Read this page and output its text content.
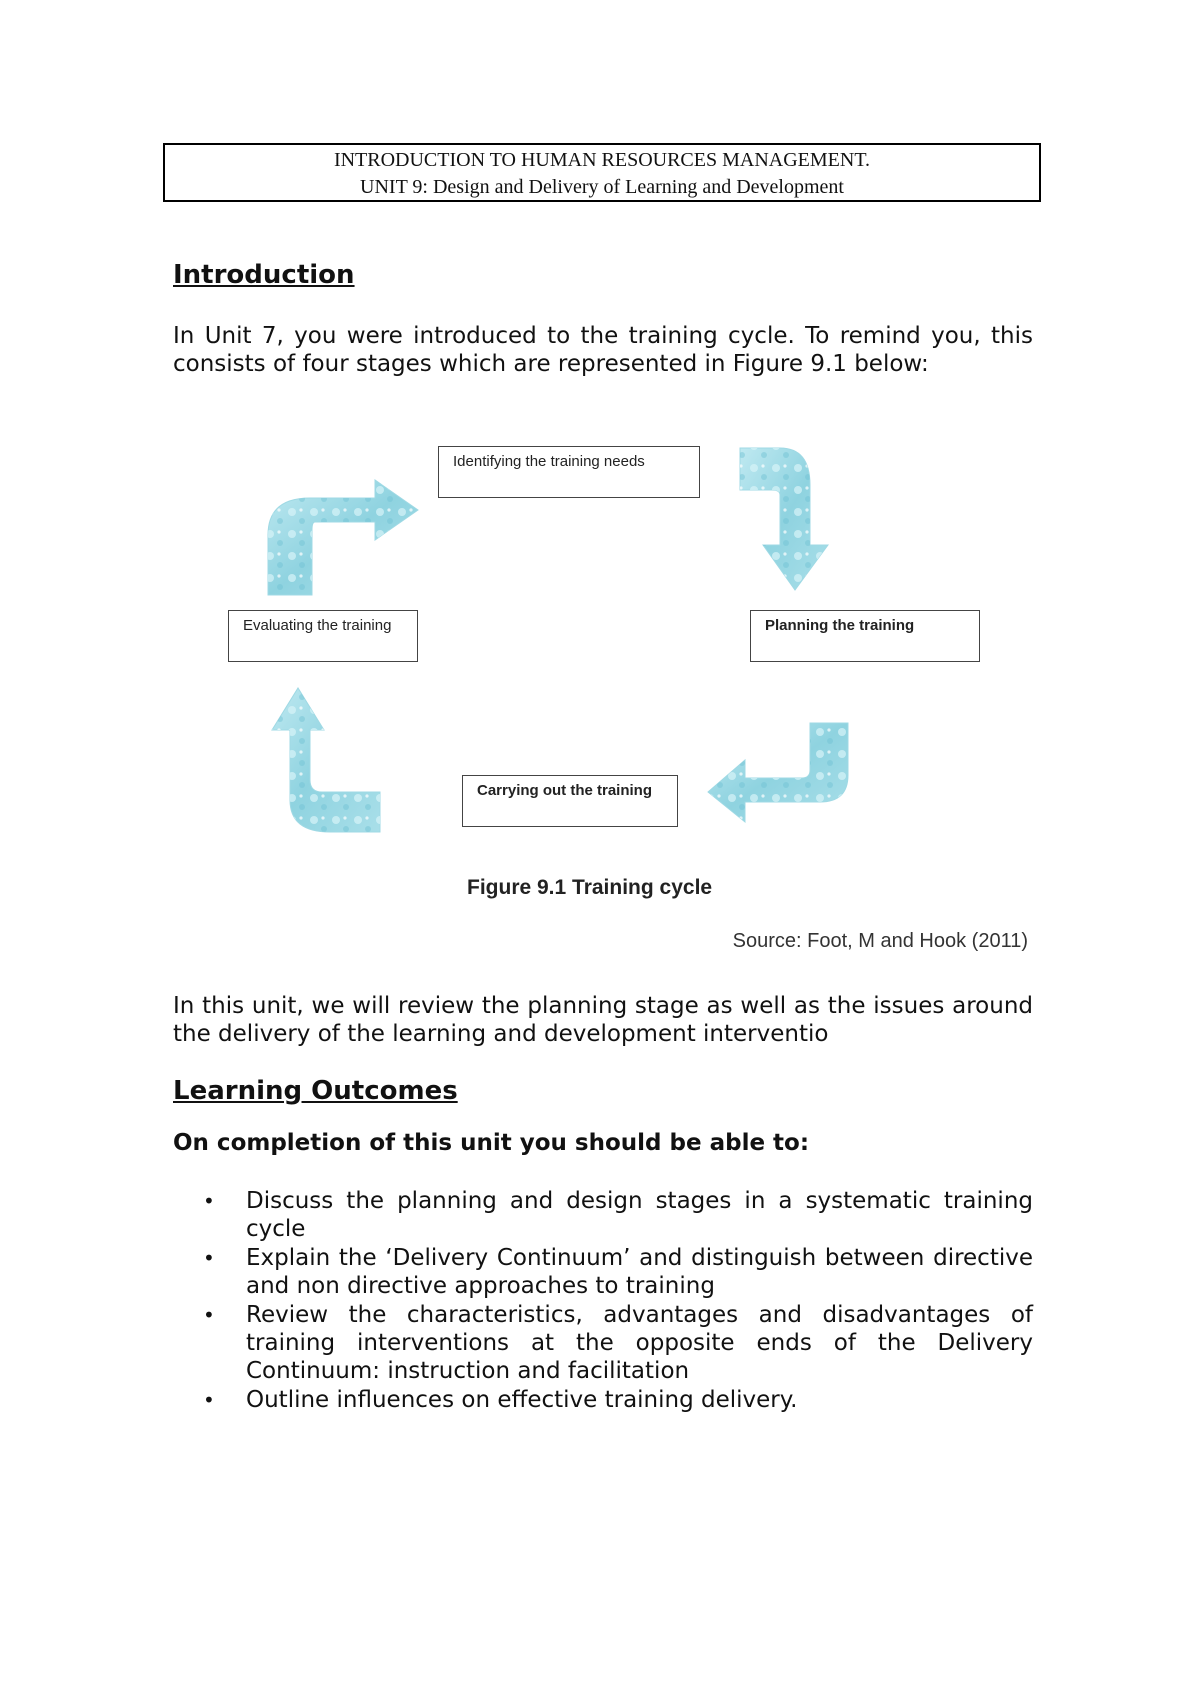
INTRODUCTION TO HUMAN RESOURCES MANAGEMENT.
UNIT 9: Design and Delivery of Learning and Development
Introduction

In Unit 7, you were introduced to the training cycle. To remind you, this consists of four stages which are represented in Figure 9.1 below:

Identifying the training needs
Planning the training
Carrying out the training
Evaluating the training
Figure 9.1 Training cycle
Source: Foot, M and Hook (2011)

In this unit, we will review the planning stage as well as the issues around the delivery of the learning and development interventio

Learning Outcomes
On completion of this unit you should be able to:
• Discuss the planning and design stages in a systematic training cycle
• Explain the ‘Delivery Continuum’ and distinguish between directive and non directive approaches to training
• Review the characteristics, advantages and disadvantages of training interventions at the opposite ends of the Delivery Continuum: instruction and facilitation
• Outline influences on effective training delivery.
